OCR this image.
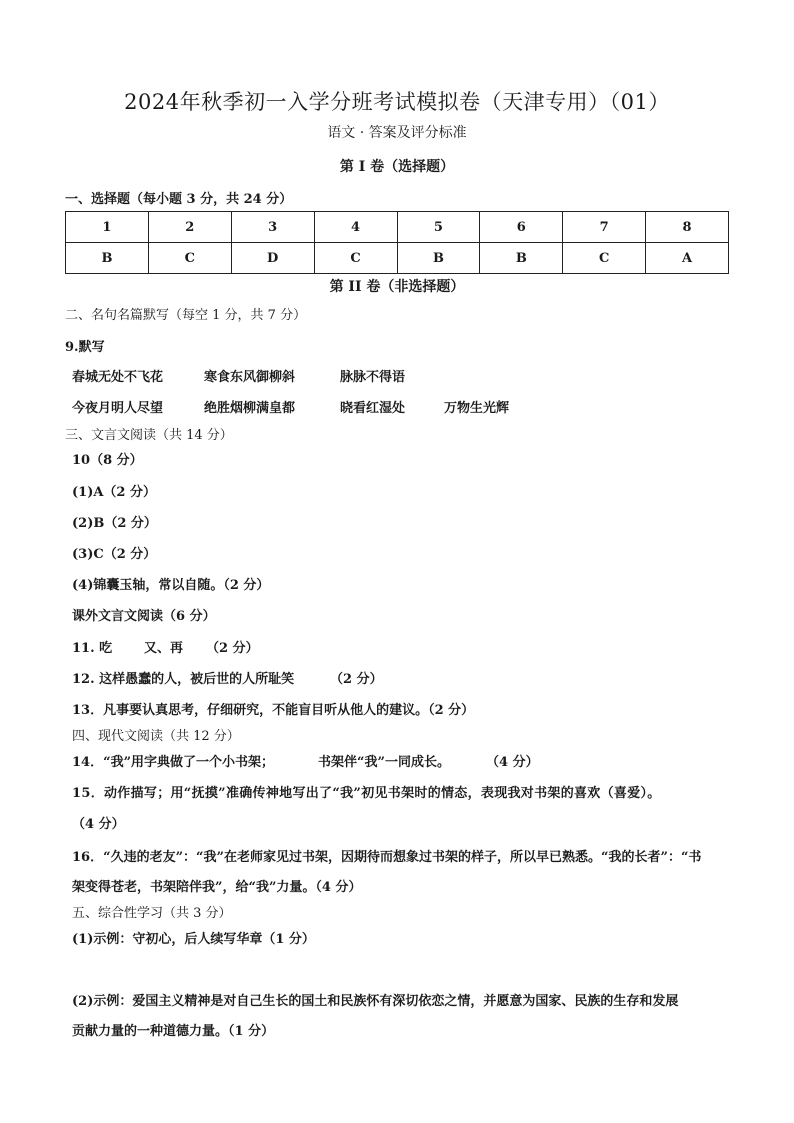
2024年秋季初一入学分班考试模拟卷（天津专用）（01）
语文 · 答案及评分标准
第 I 卷（选择题）
一、选择题（每小题 3 分，共 24 分）
1	2	3	4	5	6	7	8
B	C	D	C	B	B	C	A
第 II 卷（非选择题）
二、名句名篇默写（每空 1 分，共 7 分）
9.默写
春城无处不飞花	寒食东风御柳斜	脉脉不得语
今夜月明人尽望	绝胜烟柳满皇都	晓看红湿处	万物生光辉
三、文言文阅读（共 14 分）
10（8 分）
(1)A（2 分）
(2)B（2 分）
(3)C（2 分）
(4)锦囊玉轴，常以自随。（2 分）
课外文言文阅读（6 分）
11. 吃 又、再 （2 分）
12. 这样愚蠢的人，被后世的人所耻笑	（2 分）
13．凡事要认真思考，仔细研究，不能盲目听从他人的建议。（2 分）
四、现代文阅读（共 12 分）
14．“我”用字典做了一个小书架；	书架伴“我”一同成长。	（4 分）
15．动作描写；用“抚摸”准确传神地写出了“我”初见书架时的情态，表现我对书架的喜欢（喜爱）。
（4 分）
16．“久违的老友”：“我”在老师家见过书架，因期待而想象过书架的样子，所以早已熟悉。“我的长者”：“书
架变得苍老，书架陪伴我”，给“我”力量。（4 分）
五、综合性学习（共 3 分）
(1)示例：守初心，后人续写华章（1 分）
(2)示例：爱国主义精神是对自己生长的国土和民族怀有深切依恋之情，并愿意为国家、民族的生存和发展
贡献力量的一种道德力量。（1 分）
